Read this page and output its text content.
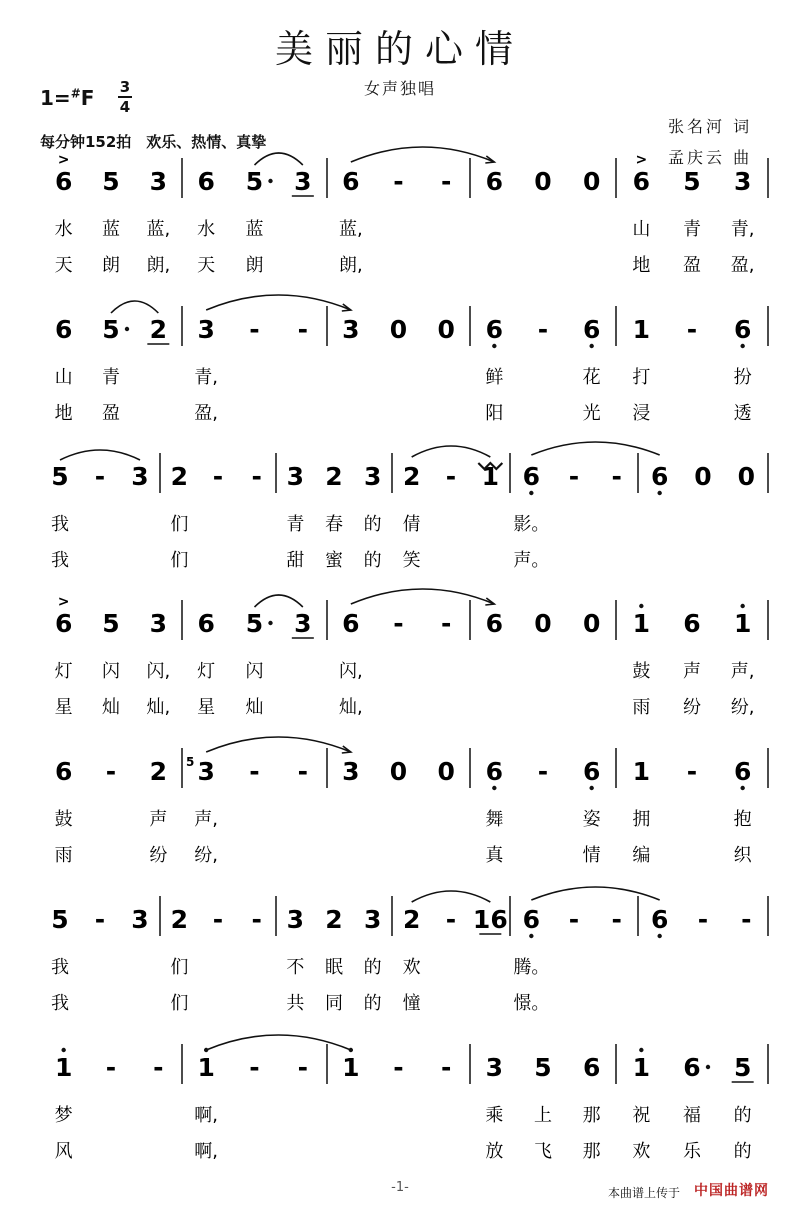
美丽的心情
女声独唱
1=#F 3
4
每分钟152拍　欢乐、热情、真挚
张名河 词
孟庆云 曲
6
>
5 3 6 5 3 6 - - 6 0 0 6
>
5 3
水 蓝 蓝, 水 蓝	蓝,	山 青 青,
天 朗 朗, 天 朗	朗,	地 盈 盈,
6 5 2 3 - - 3 0 0 6 - 6 1 - 6
山 青	青,	鲜	花 打	扮
地 盈	盈,	阳	光 浸	透
5 - 3 2 - - 3 2 3 2 - 1 6 - - 6 0 0
我	们	青 春 的 倩	影。
我	们	甜 蜜 的 笑	声。
6
>
5 3 6 5 3 6 - - 6 0 0 1 6 1
灯 闪 闪, 灯 闪	闪,	鼓 声 声,
星 灿 灿, 星 灿	灿,	雨 纷 纷,
6 - 2 3
5 - - 3 0 0 6 - 6 1 - 6
鼓	声 声,	舞	姿 拥	抱
雨	纷 纷,	真	情 编	织
5 - 3 2 - - 3 2 3 2 - 16 6 - - 6 - -
我	们	不 眠 的 欢	腾。
我	们	共 同 的 憧	憬。
1 - - 1 - - 1 - - 3 5 6 1 6 5
梦	啊,	乘 上 那 祝 福 的
风	啊,	放 飞 那 欢 乐 的
-1-	本曲谱上传于 中国曲谱网
